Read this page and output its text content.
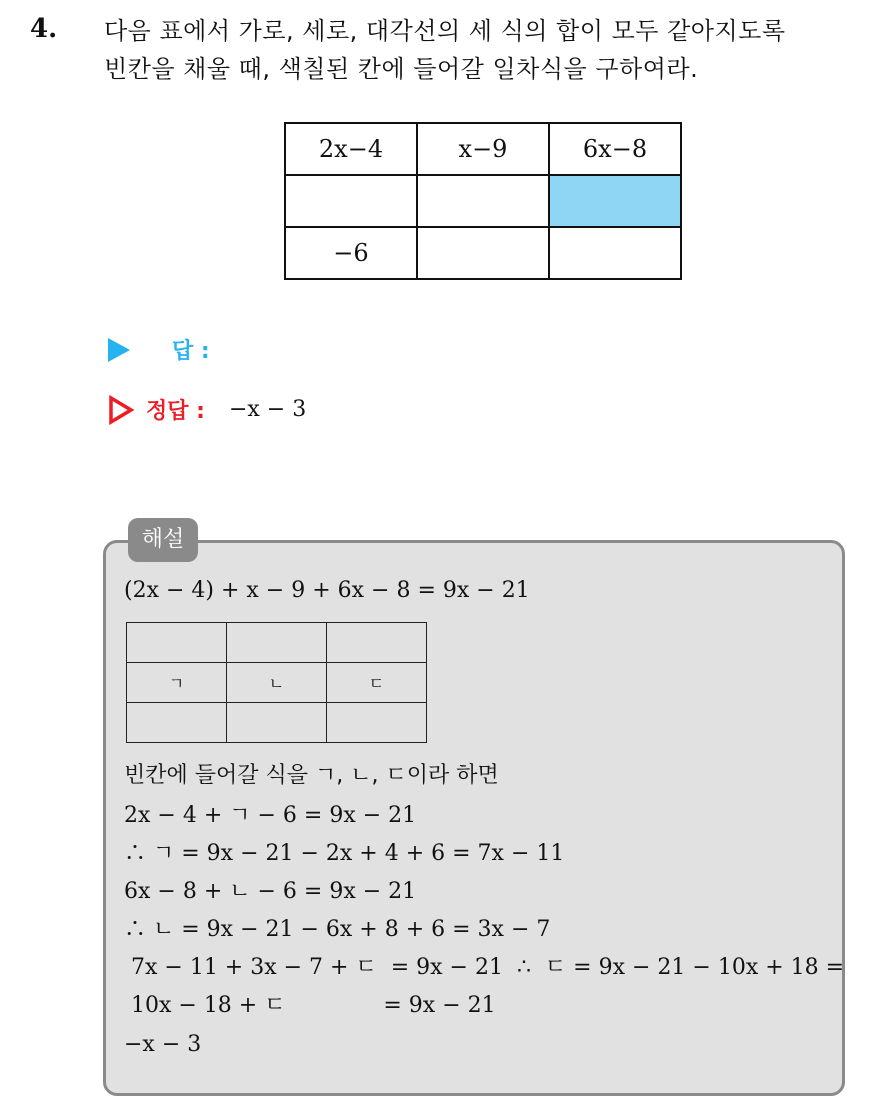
4. 다음 표에서 가로, 세로, 대각선의 세 식의 합이 모두 같아지도록
빈칸을 채울 때, 색칠된 칸에 들어갈 일차식을 구하여라.
2x−4	x−9	6x−8

−6		
답 :
정답 : −x − 3
해설
(2x − 4) + x − 9 + 6x − 8 = 9x − 21

ㄱ	ㄴ	ㄷ

빈칸에 들어갈 식을 ㄱ, ㄴ, ㄷ이라 하면
2x − 4 + ㄱ − 6 = 9x − 21
∴ ㄱ = 9x − 21 − 2x + 4 + 6 = 7x − 11
6x − 8 + ㄴ − 6 = 9x − 21
∴ ㄴ = 9x − 21 − 6x + 8 + 6 = 3x − 7
7x − 11 + 3x − 7 + ㄷ  = 9x − 21  ∴  ㄷ = 9x − 21 − 10x + 18 =
10x − 18 + ㄷ              = 9x − 21
−x − 3
